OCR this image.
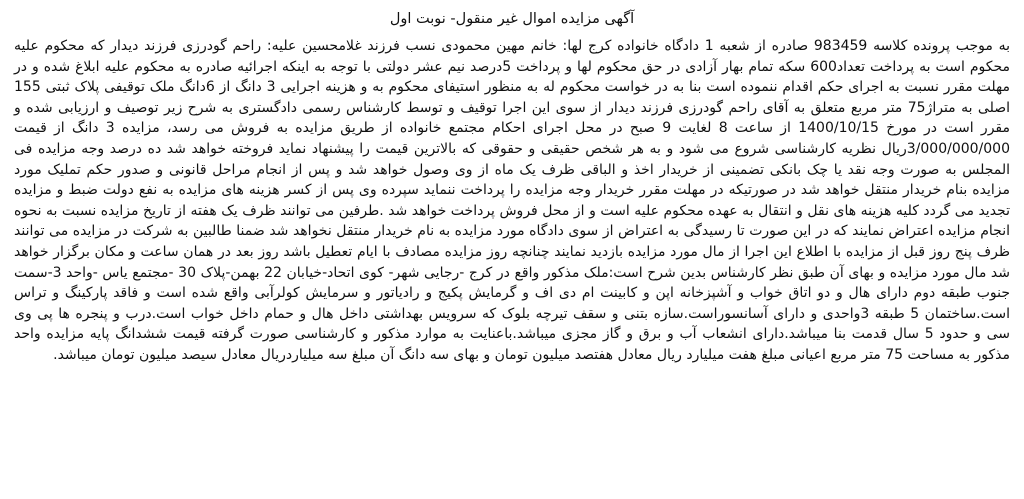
آگهی مزایده اموال غیر منقول- نوبت اول

به موجب پرونده کلاسه 983459 صادره از شعبه 1 دادگاه خانواده کرج لها: خانم مهین محمودی نسب فرزند غلامحسین علیه: راحم گودرزی فرزند دیدار که محکوم علیه محکوم است به پرداخت تعداد600 سکه تمام بهار آزادی در حق محکوم لها و پرداخت 5درصد نیم عشر دولتی با توجه به اینکه اجرائیه صادره به محکوم علیه ابلاغ شده و در مهلت مقرر نسبت به اجرای حکم اقدام ننموده است بنا به در خواست محکوم له به منظور استیفای محکوم به و هزینه اجرایی 3 دانگ از 6دانگ ملک توقیفی پلاک ثبتی 155 اصلی به متراژ75 متر مربع متعلق به آقای راحم گودرزی فرزند دیدار از سوی این اجرا توقیف و توسط کارشناس رسمی دادگستری به شرح زیر توصیف و ارزیابی شده و مقرر است در مورخ 1400/10/15 از ساعت 8 لغایت 9 صبح در محل اجرای احکام مجتمع خانواده از طریق مزایده به فروش می رسد، مزایده 3 دانگ از قیمت 3/000/000/000ریال نظریه کارشناسی شروع می شود و به هر شخص حقیقی و حقوقی که بالاترین قیمت را پیشنهاد نماید فروخته خواهد شد ده درصد وجه مزایده فی المجلس به صورت وجه نقد یا چک بانکی تضمینی از خریدار اخذ و الباقی ظرف یک ماه از وی وصول خواهد شد و پس از انجام مراحل قانونی و صدور حکم تملیک مورد مزایده بنام خریدار منتقل خواهد شد در صورتیکه در مهلت مقرر خریدار وجه مزایده را پرداخت ننماید سپرده وی پس از کسر هزینه های مزایده به نفع دولت ضبط و مزایده تجدید می گردد کلیه هزینه های نقل و انتقال به عهده محکوم علیه است و از محل فروش پرداخت خواهد شد .طرفین می توانند ظرف یک هفته از تاریخ مزایده نسبت به نحوه انجام مزایده اعتراض نمایند که در این صورت تا رسیدگی به اعتراض از سوی دادگاه مورد مزایده به نام خریدار منتقل نخواهد شد ضمنا طالبین به شرکت در مزایده می توانند ظرف پنج روز قبل از مزایده با اطلاع این اجرا از مال مورد مزایده بازدید نمایند چنانچه روز مزایده مصادف با ایام تعطیل باشد روز بعد در همان ساعت و مکان برگزار خواهد شد مال مورد مزایده و بهای آن طبق نظر کارشناس بدین شرح است:ملک مذکور واقع در کرج -رجایی شهر- کوی اتحاد-خیابان 22 بهمن-پلاک 30 -مجتمع یاس -واحد 3-سمت جنوب طبقه دوم دارای هال و دو اتاق خواب و آشپزخانه اپن و کابینت ام دی اف و گرمایش پکیج و رادیاتور و سرمایش کولرآبی واقع شده است و فاقد پارکینگ و تراس است.ساختمان 5 طبقه 3واحدی و دارای آسانسوراست.سازه بتنی و سقف تیرچه بلوک که سرویس بهداشتی داخل هال و حمام داخل خواب است.درب و پنجره ها پی وی سی و حدود 5 سال قدمت بنا میباشد.دارای انشعاب آب و برق و گاز مجزی میباشد.باعنایت به موارد مذکور و کارشناسی صورت گرفته قیمت ششدانگ پایه مزایده واحد مذکور به مساحت 75 متر مربع اعیانی مبلغ هفت میلیارد ریال معادل هفتصد میلیون تومان و بهای سه دانگ آن مبلغ سه میلیاردریال معادل سیصد میلیون تومان میباشد.
